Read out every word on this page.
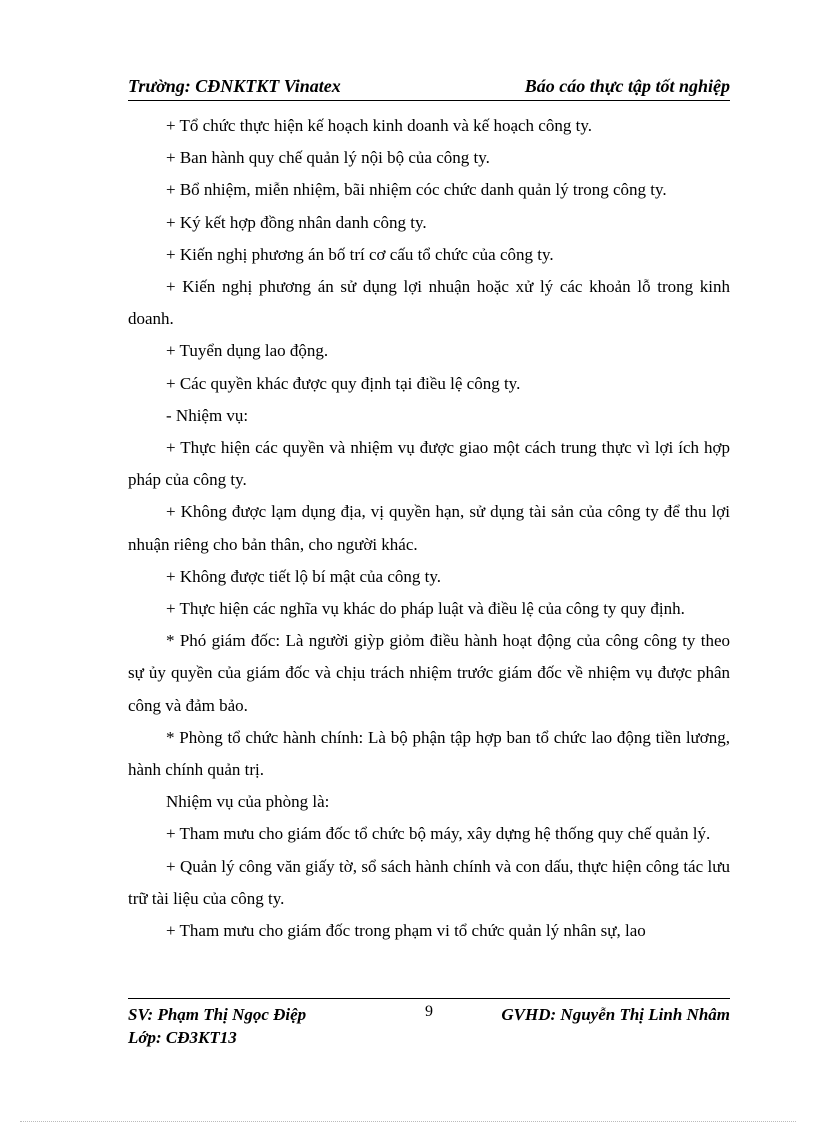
Trường: CĐNKTKT Vinatex	Báo cáo thực tập tốt nghiệp

+ Tổ chức thực hiện kế hoạch kinh doanh và kế hoạch công ty.

+ Ban hành quy chế quản lý nội bộ của công ty.

+ Bổ nhiệm, miễn nhiệm, bãi nhiệm cóc chức danh quản lý trong công ty.

+ Ký kết hợp đồng nhân danh công ty.

+ Kiến nghị phương án bố trí cơ cấu tổ chức của công ty.

+ Kiến nghị phương án sử dụng lợi nhuận hoặc xử lý các khoản lỗ trong kinh doanh.

+ Tuyển dụng lao động.

+ Các quyền khác được quy định tại điều lệ công ty.

- Nhiệm vụ:

+ Thực hiện các quyền và nhiệm vụ được giao một cách trung thực vì lợi ích hợp pháp của công ty.

+ Không được lạm dụng địa, vị quyền hạn, sử dụng tài sản của công ty để thu lợi nhuận riêng cho bản thân, cho người khác.

+ Không được tiết lộ bí mật của công ty.

+ Thực hiện các nghĩa vụ khác do pháp luật và điều lệ của công ty quy định.

* Phó giám đốc: Là người giỳp giỏm điều hành hoạt động của công công ty theo sự ủy quyền của giám đốc và chịu trách nhiệm trước giám đốc về nhiệm vụ được phân công và đảm bảo.

* Phòng tổ chức hành chính: Là bộ phận tập hợp ban tổ chức lao động tiền lương, hành chính quản trị.

Nhiệm vụ của phòng là:

+ Tham mưu cho giám đốc tổ chức bộ máy, xây dựng hệ thống quy chế quản lý.

+ Quản lý công văn giấy tờ, sổ sách hành chính và con dấu, thực hiện công tác lưu trữ tài liệu của công ty.

+ Tham mưu cho giám đốc trong phạm vi tổ chức quản lý nhân sự, lao

SV: Phạm Thị Ngọc Điệp	9	GVHD: Nguyễn Thị Linh Nhâm
Lớp: CĐ3KT13
